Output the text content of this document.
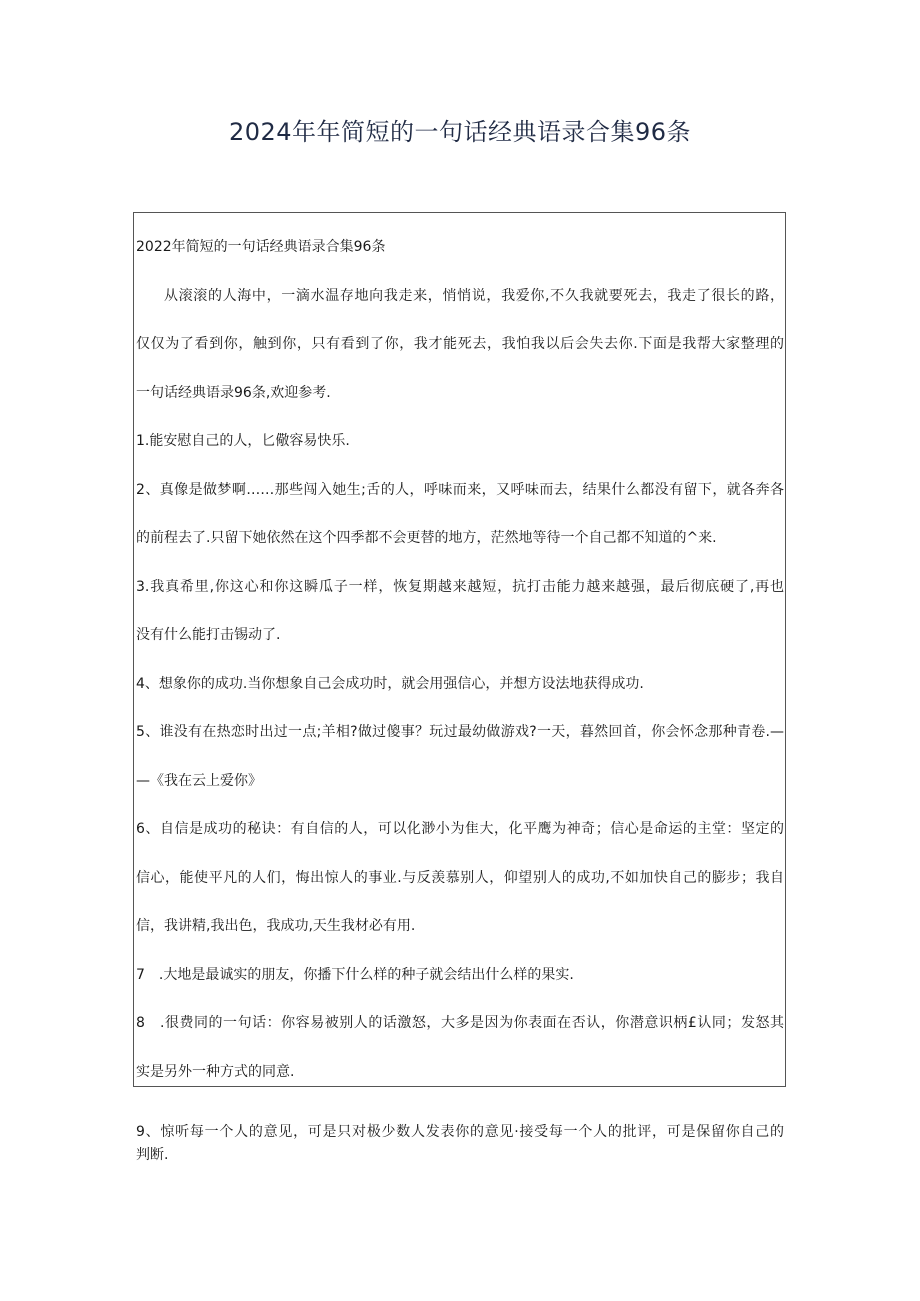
2024年年简短的一句话经典语录合集96条
2022年简短的一句话经典语录合集96条
从滚滚的人海中，一滴水温存地向我走来，悄悄说，我爱你,不久我就要死去，我走了很长的路，
仅仅为了看到你，触到你，只有看到了你，我才能死去，我怕我以后会失去你.下面是我帮大家整理的
一句话经典语录96条,欢迎参考.
1.能安慰自己的人，匕儆容易快乐.
2、真像是做梦啊……那些闯入她生;舌的人，呼味而来，又呼味而去，结果什么都没有留下，就各奔各
的前程去了.只留下她依然在这个四季都不会更替的地方，茫然地等待一个自己都不知道的^来.
3.我真希里,你这心和你这瞬瓜子一样，恢复期越来越短，抗打击能力越来越强，最后彻底硬了,再也
没有什么能打击锡动了.
4、想象你的成功.当你想象自己会成功时，就会用强信心，并想方设法地获得成功.
5、谁没有在热恋时出过一点;羊相?做过傻事？玩过最幼做游戏?一天，暮然回首，你会怀念那种青卷.—
—《我在云上爱你》
6、自信是成功的秘诀：有自信的人，可以化渺小为隹大，化平鹰为神奇；信心是命运的主堂：坚定的
信心，能使平凡的人们，悔出惊人的事业.与反羡慕别人，仰望别人的成功,不如加快自己的膨步；我自
信，我讲精,我出色，我成功,天生我材必有用.
7　.大地是最诚实的朋友，你播下什么样的种子就会结出什么样的果实.
8　.很费同的一句话：你容易被别人的话激怒，大多是因为你表面在否认，你潜意识柄£认同；发怒其
实是另外一种方式的同意.
9、惊听每一个人的意见，可是只对极少数人发表你的意见·接受每一个人的批评，可是保留你自己的
判断.
